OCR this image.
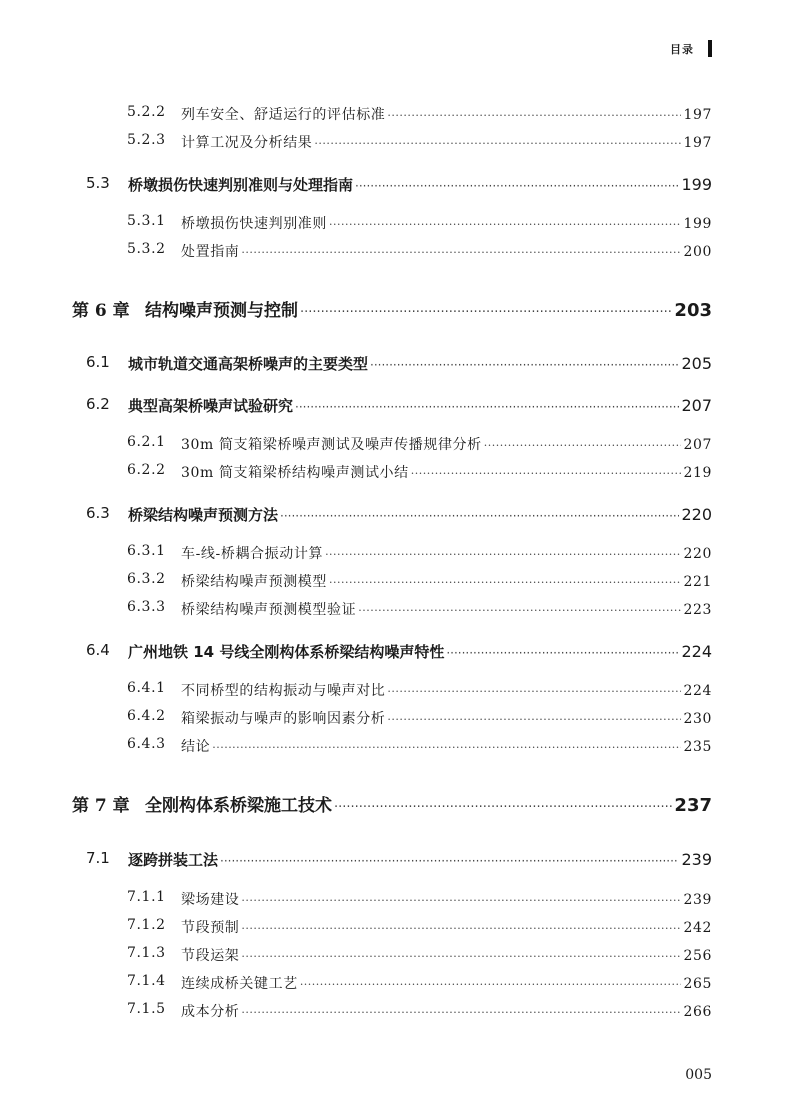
目录
5.2.2	列车安全、舒适运行的评估标准 ·····	197
5.2.3	计算工况及分析结果 ·····	197
5.3	桥墩损伤快速判别准则与处理指南 ·····	199
5.3.1	桥墩损伤快速判别准则 ·····	199
5.3.2	处置指南 ·····	200
第 6 章 结构噪声预测与控制 ·····	203
6.1	城市轨道交通高架桥噪声的主要类型 ·····	205
6.2	典型高架桥噪声试验研究 ·····	207
6.2.1	30m 简支箱梁桥噪声测试及噪声传播规律分析 ·····	207
6.2.2	30m 简支箱梁桥结构噪声测试小结 ·····	219
6.3	桥梁结构噪声预测方法 ·····	220
6.3.1	车-线-桥耦合振动计算 ·····	220
6.3.2	桥梁结构噪声预测模型 ·····	221
6.3.3	桥梁结构噪声预测模型验证 ·····	223
6.4	广州地铁 14 号线全刚构体系桥梁结构噪声特性 ·····	224
6.4.1	不同桥型的结构振动与噪声对比 ·····	224
6.4.2	箱梁振动与噪声的影响因素分析 ·····	230
6.4.3	结论 ·····	235
第 7 章 全刚构体系桥梁施工技术 ·····	237
7.1	逐跨拼装工法 ·····	239
7.1.1	梁场建设 ·····	239
7.1.2	节段预制 ·····	242
7.1.3	节段运架 ·····	256
7.1.4	连续成桥关键工艺 ·····	265
7.1.5	成本分析 ·····	266
005
